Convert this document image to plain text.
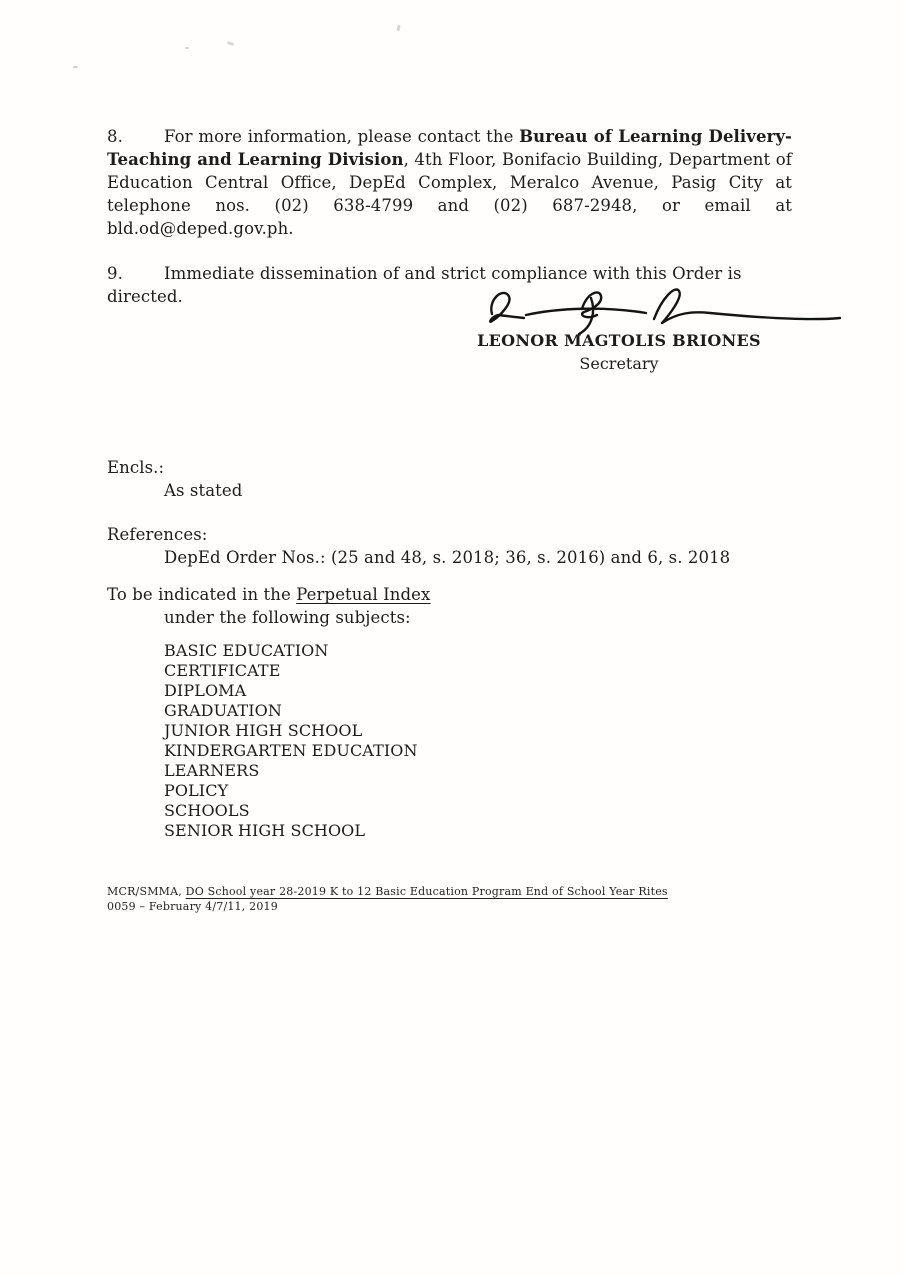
LEONOR MAGTOLIS BRIONES
Secretary

8. For more information, please contact the Bureau of Learning Delivery-Teaching and Learning Division, 4th Floor, Bonifacio Building, Department of Education Central Office, DepEd Complex, Meralco Avenue, Pasig City at telephone nos. (02) 638-4799 and (02) 687-2948, or email at bld.od@deped.gov.ph.

9. Immediate dissemination of and strict compliance with this Order is directed.

Encls.:
As stated
References:
DepEd Order Nos.: (25 and 48, s. 2018; 36, s. 2016) and 6, s. 2018
To be indicated in the Perpetual Index
under the following subjects:
BASIC EDUCATION
CERTIFICATE
DIPLOMA
GRADUATION
JUNIOR HIGH SCHOOL
KINDERGARTEN EDUCATION
LEARNERS
POLICY
SCHOOLS
SENIOR HIGH SCHOOL
MCR/SMMA, DO School year 28-2019 K to 12 Basic Education Program End of School Year Rites
0059 – February 4/7/11, 2019
